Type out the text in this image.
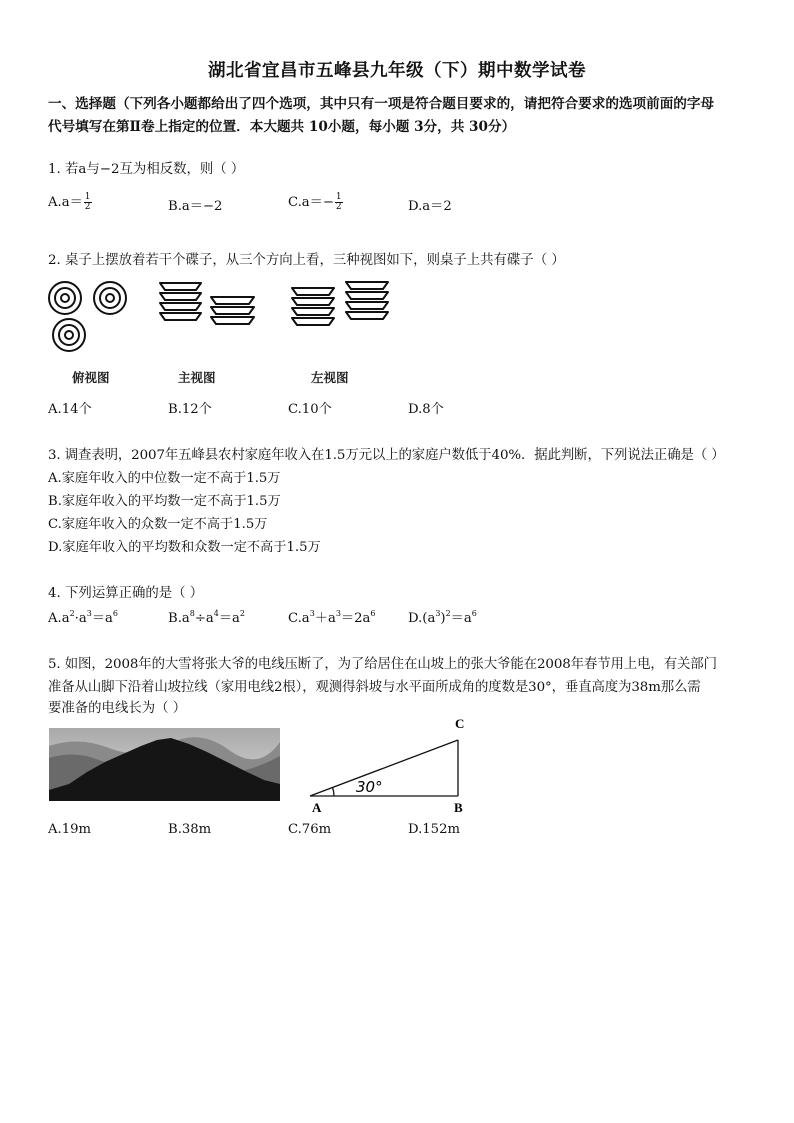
湖北省宜昌市五峰县九年级（下）期中数学试卷
一、选择题（下列各小题都给出了四个选项，其中只有一项是符合题目要求的，请把符合要求的选项前面的字母
代号填写在第Ⅱ卷上指定的位置．本大题共 10小题，每小题 3分，共 30分）
1. 若a与−2互为相反数，则（ ）
$A.a= \frac{1}{2}$	B.a＝−2	$C.a=- \frac{1}{2}$	D.a＝2
2. 桌子上摆放着若干个碟子，从三个方向上看，三种视图如下，则桌子上共有碟子（ ）
俯视图	主视图	左视图
A.14个	B.12个	C.10个	D.8个
3. 调查表明，2007年五峰县农村家庭年收入在1.5万元以上的家庭户数低于40%．据此判断，下列说法正确是（ ）
A.家庭年收入的中位数一定不高于1.5万
B.家庭年收入的平均数一定不高于1.5万
C.家庭年收入的众数一定不高于1.5万
D.家庭年收入的平均数和众数一定不高于1.5万
4. 下列运算正确的是（ ）
$A.a^2\cdot a^3=a^6$	$B.a^8\div a^4=a^2$	$C.a^3+a^3=2a^6$ $D.(a^3)^2=a^6$
5. 如图，2008年的大雪将张大爷的电线压断了，为了给居住在山坡上的张大爷能在2008年春节用上电，有关部门
准备从山脚下沿着山坡拉线（家用电线2根），观测得斜坡与水平面所成角的度数是30°，垂直高度为38m那么需
要准备的电线长为（ ）
A	B
C
30°
A.19m	B.38m	C.76m	D.152m
